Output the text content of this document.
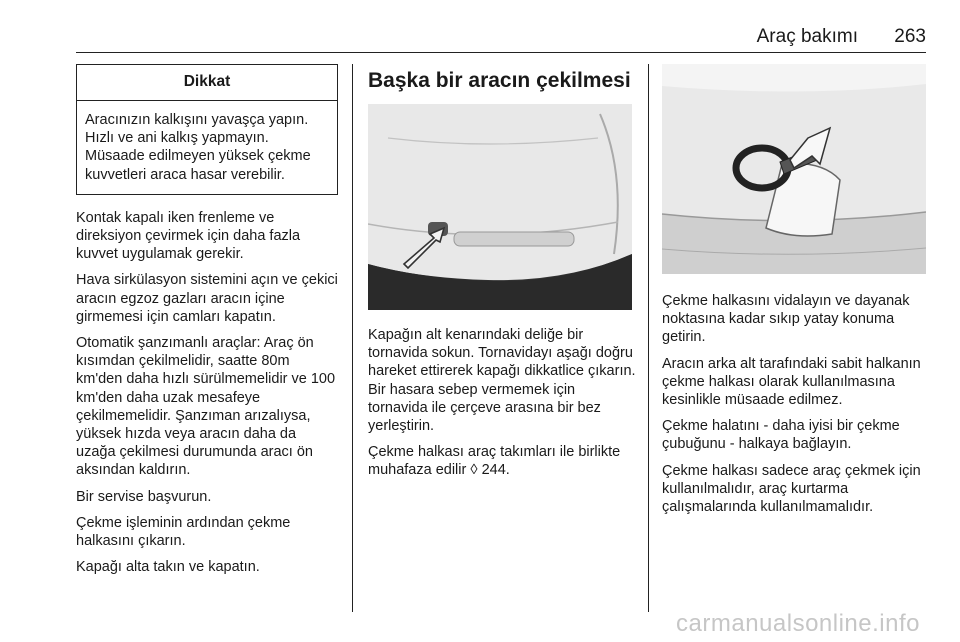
Araç bakımı 263
Dikkat

Aracınızın kalkışını yavaşça yapın. Hızlı ve ani kalkış yapmayın. Müsaade edilmeyen yüksek çekme kuvvetleri araca hasar verebilir.

Kontak kapalı iken frenleme ve direksiyon çevirmek için daha fazla kuvvet uygulamak gerekir.

Hava sirkülasyon sistemini açın ve çekici aracın egzoz gazları aracın içine girmemesi için camları kapatın.

Otomatik şanzımanlı araçlar: Araç ön kısımdan çekilmelidir, saatte 80m km'den daha hızlı sürülmemelidir ve 100 km'den daha uzak mesafeye çekilmemelidir. Şanzıman arızalıysa, yüksek hızda veya aracın daha da uzağa çekilmesi durumunda aracı ön aksından kaldırın.

Bir servise başvurun.

Çekme işleminin ardından çekme halkasını çıkarın.

Kapağı alta takın ve kapatın.

Başka bir aracın çekilmesi

Kapağın alt kenarındaki deliğe bir tornavida sokun. Tornavidayı aşağı doğru hareket ettirerek kapağı dikkatlice çıkarın. Bir hasara sebep vermemek için tornavida ile çerçeve arasına bir bez yerleştirin.

Çekme halkası araç takımları ile birlikte muhafaza edilir ◊ 244.

Çekme halkasını vidalayın ve dayanak noktasına kadar sıkıp yatay konuma getirin.

Aracın arka alt tarafındaki sabit halkanın çekme halkası olarak kullanılmasına kesinlikle müsaade edilmez.

Çekme halatını - daha iyisi bir çekme çubuğunu - halkaya bağlayın.

Çekme halkası sadece araç çekmek için kullanılmalıdır, araç kurtarma çalışmalarında kullanılmamalıdır.

carmanualsonline.info
